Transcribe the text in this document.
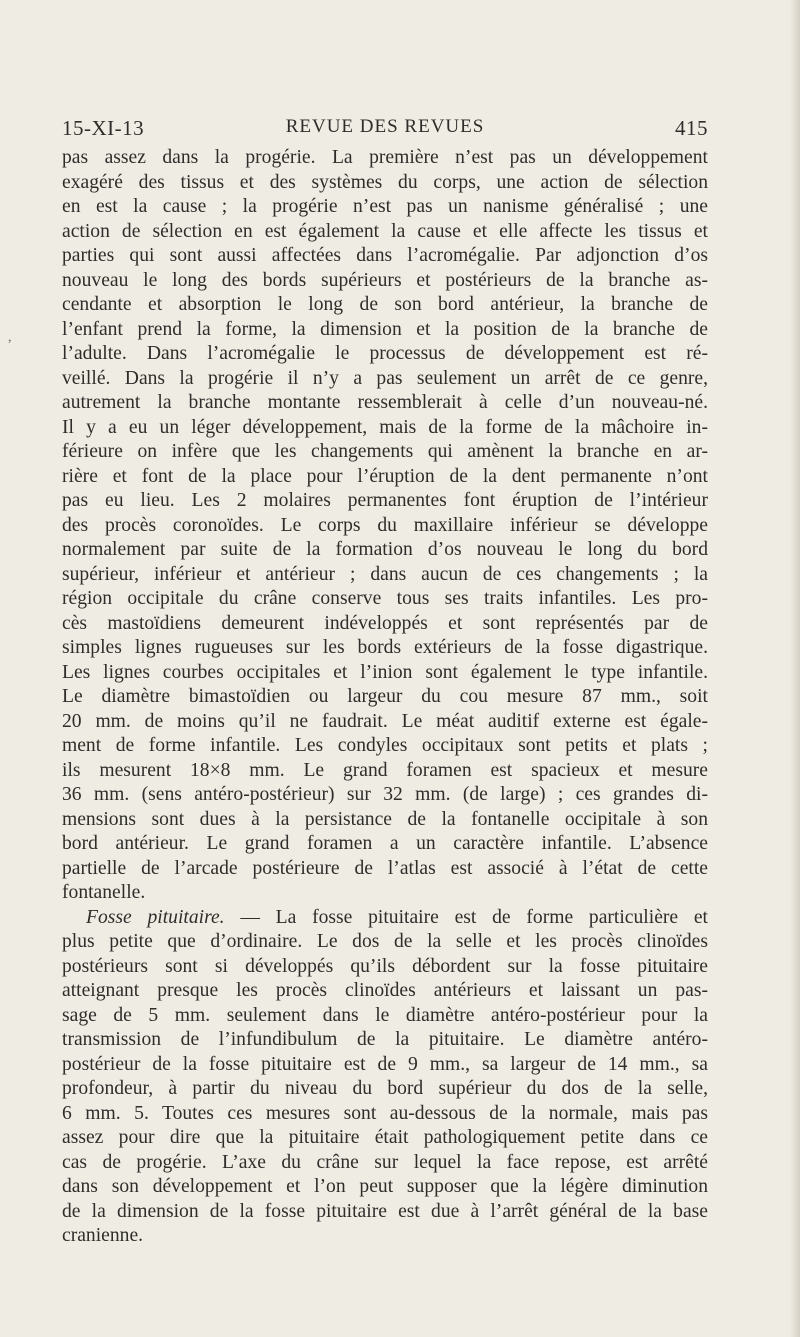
,
15-XI-13	REVUE DES REVUES	415
pas assez dans la progérie. La première n’est pas un développement
exagéré des tissus et des systèmes du corps, une action de sélection
en est la cause ; la progérie n’est pas un nanisme généralisé ; une
action de sélection en est également la cause et elle affecte les tissus et
parties qui sont aussi affectées dans l’acromégalie. Par adjonction d’os
nouveau le long des bords supérieurs et postérieurs de la branche as-
cendante et absorption le long de son bord antérieur, la branche de
l’enfant prend la forme, la dimension et la position de la branche de
l’adulte. Dans l’acromégalie le processus de développement est ré-
veillé. Dans la progérie il n’y a pas seulement un arrêt de ce genre,
autrement la branche montante ressemblerait à celle d’un nouveau-né.
Il y a eu un léger développement, mais de la forme de la mâchoire in-
férieure on infère que les changements qui amènent la branche en ar-
rière et font de la place pour l’éruption de la dent permanente n’ont
pas eu lieu. Les 2 molaires permanentes font éruption de l’intérieur
des procès coronoïdes. Le corps du maxillaire inférieur se développe
normalement par suite de la formation d’os nouveau le long du bord
supérieur, inférieur et antérieur ; dans aucun de ces changements ; la
région occipitale du crâne conserve tous ses traits infantiles. Les pro-
cès mastoïdiens demeurent indéveloppés et sont représentés par de
simples lignes rugueuses sur les bords extérieurs de la fosse digastrique.
Les lignes courbes occipitales et l’inion sont également le type infantile.
Le diamètre bimastoïdien ou largeur du cou mesure 87 mm., soit
20 mm. de moins qu’il ne faudrait. Le méat auditif externe est égale-
ment de forme infantile. Les condyles occipitaux sont petits et plats ;
ils mesurent 18×8 mm. Le grand foramen est spacieux et mesure
36 mm. (sens antéro-postérieur) sur 32 mm. (de large) ; ces grandes di-
mensions sont dues à la persistance de la fontanelle occipitale à son
bord antérieur. Le grand foramen a un caractère infantile. L’absence
partielle de l’arcade postérieure de l’atlas est associé à l’état de cette
fontanelle.
Fosse pituitaire. — La fosse pituitaire est de forme particulière et
plus petite que d’ordinaire. Le dos de la selle et les procès clinoïdes
postérieurs sont si développés qu’ils débordent sur la fosse pituitaire
atteignant presque les procès clinoïdes antérieurs et laissant un pas-
sage de 5 mm. seulement dans le diamètre antéro-postérieur pour la
transmission de l’infundibulum de la pituitaire. Le diamètre antéro-
postérieur de la fosse pituitaire est de 9 mm., sa largeur de 14 mm., sa
profondeur, à partir du niveau du bord supérieur du dos de la selle,
6 mm. 5. Toutes ces mesures sont au-dessous de la normale, mais pas
assez pour dire que la pituitaire était pathologiquement petite dans ce
cas de progérie. L’axe du crâne sur lequel la face repose, est arrêté
dans son développement et l’on peut supposer que la légère diminution
de la dimension de la fosse pituitaire est due à l’arrêt général de la base
cranienne.
